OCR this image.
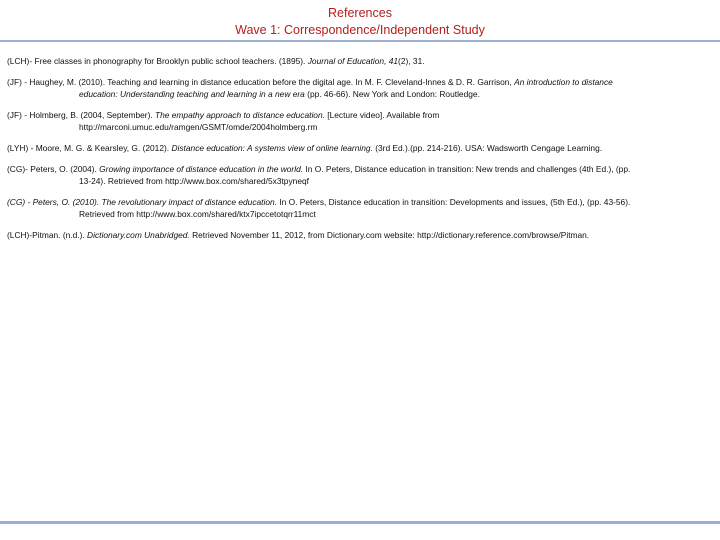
References
Wave 1: Correspondence/Independent Study
(LCH)- Free classes in phonography for Brooklyn public school teachers. (1895). Journal of Education, 41(2), 31.
(JF) - Haughey, M. (2010). Teaching and learning in distance education before the digital age. In M. F. Cleveland-Innes & D. R. Garrison, An introduction to distance
education: Understanding teaching and learning in a new era (pp. 46-66). New York and London: Routledge.
(JF) - Holmberg, B. (2004, September). The empathy approach to distance education. [Lecture video]. Available from
http://marconi.umuc.edu/ramgen/GSMT/omde/2004holmberg.rm
(LYH) - Moore, M. G. & Kearsley, G. (2012). Distance education: A systems view of online learning. (3rd Ed.).(pp. 214-216). USA: Wadsworth Cengage Learning.
(CG)- Peters, O. (2004). Growing importance of distance education in the world. In O. Peters, Distance education in transition: New trends and challenges (4th Ed.), (pp.
13-24). Retrieved from http://www.box.com/shared/5x3tpyneqf
(CG) - Peters, O. (2010). The revolutionary impact of distance education. In O. Peters, Distance education in transition: Developments and issues, (5th Ed.), (pp. 43-56).
Retrieved from http://www.box.com/shared/ktx7ipccetotqrr11mct
(LCH)-Pitman. (n.d.). Dictionary.com Unabridged. Retrieved November 11, 2012, from Dictionary.com website: http://dictionary.reference.com/browse/Pitman.
